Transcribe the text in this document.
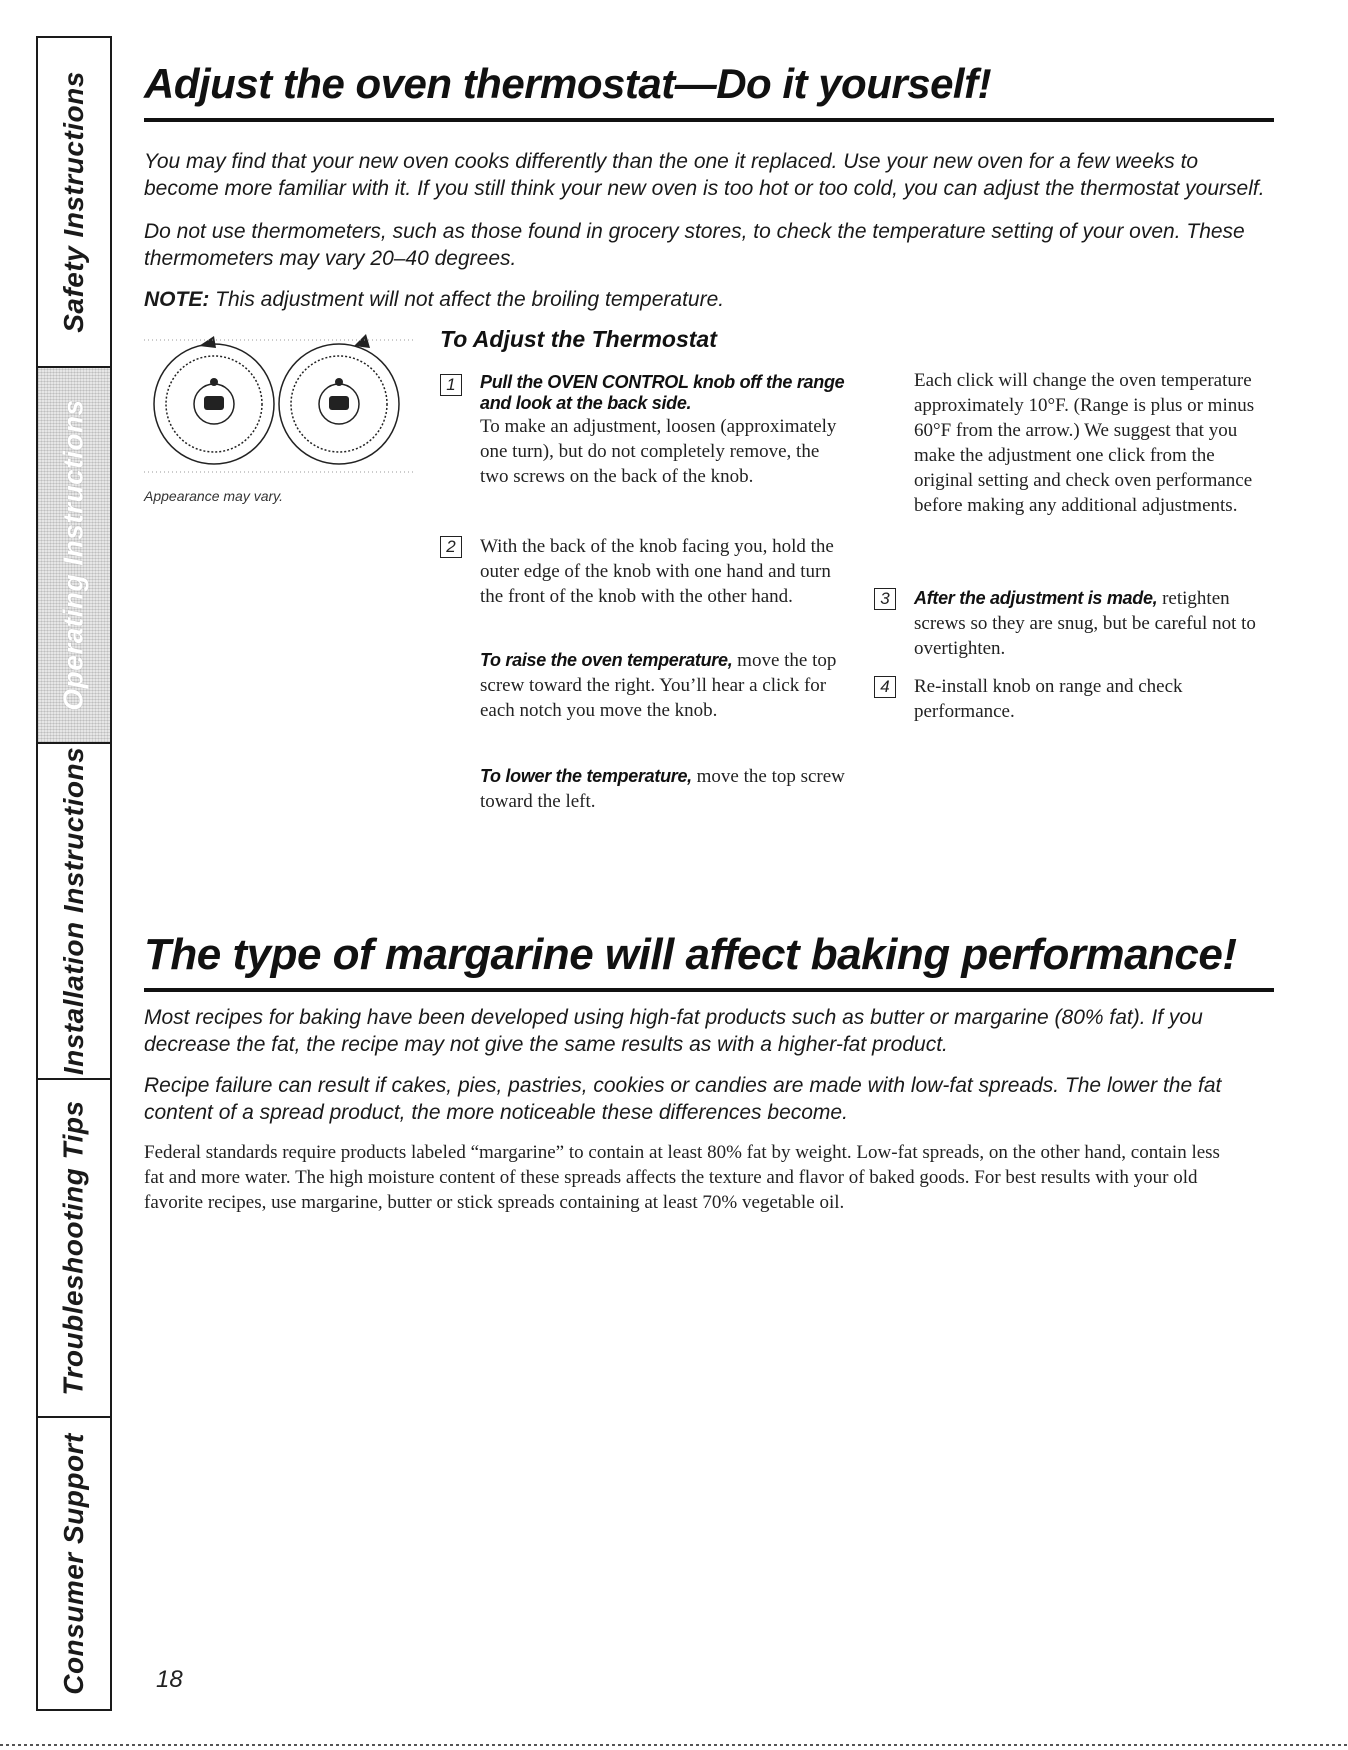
Safety Instructions
Operating Instructions
Installation Instructions
Troubleshooting Tips
Consumer Support
Adjust the oven thermostat—Do it yourself!

You may find that your new oven cooks differently than the one it replaced. Use your new oven for a few weeks to become more familiar with it. If you still think your new oven is too hot or too cold, you can adjust the thermostat yourself.

Do not use thermometers, such as those found in grocery stores, to check the temperature setting of your oven. These thermometers may vary 20–40 degrees.

NOTE: This adjustment will not affect the broiling temperature.

Appearance may vary.

To Adjust the Thermostat
1	Pull the OVEN CONTROL knob off the range and look at the back side.
To make an adjustment, loosen (approximately one turn), but do not completely remove, the two screws on the back of the knob.
2	With the back of the knob facing you, hold the outer edge of the knob with one hand and turn the front of the knob with the other hand.

To raise the oven temperature, move the top screw toward the right. You’ll hear a click for each notch you move the knob.

To lower the temperature, move the top screw toward the left.

Each click will change the oven temperature approximately 10°F. (Range is plus or minus 60°F from the arrow.) We suggest that you make the adjustment one click from the original setting and check oven performance before making any additional adjustments.

3	After the adjustment is made, retighten screws so they are snug, but be careful not to overtighten.

4	Re-install knob on range and check performance.
The type of margarine will affect baking performance!

Most recipes for baking have been developed using high-fat products such as butter or margarine (80% fat). If you decrease the fat, the recipe may not give the same results as with a higher-fat product.

Recipe failure can result if cakes, pies, pastries, cookies or candies are made with low-fat spreads. The lower the fat content of a spread product, the more noticeable these differences become.

Federal standards require products labeled “margarine” to contain at least 80% fat by weight. Low-fat spreads, on the other hand, contain less fat and more water. The high moisture content of these spreads affects the texture and flavor of baked goods. For best results with your old favorite recipes, use margarine, butter or stick spreads containing at least 70% vegetable oil.

18
